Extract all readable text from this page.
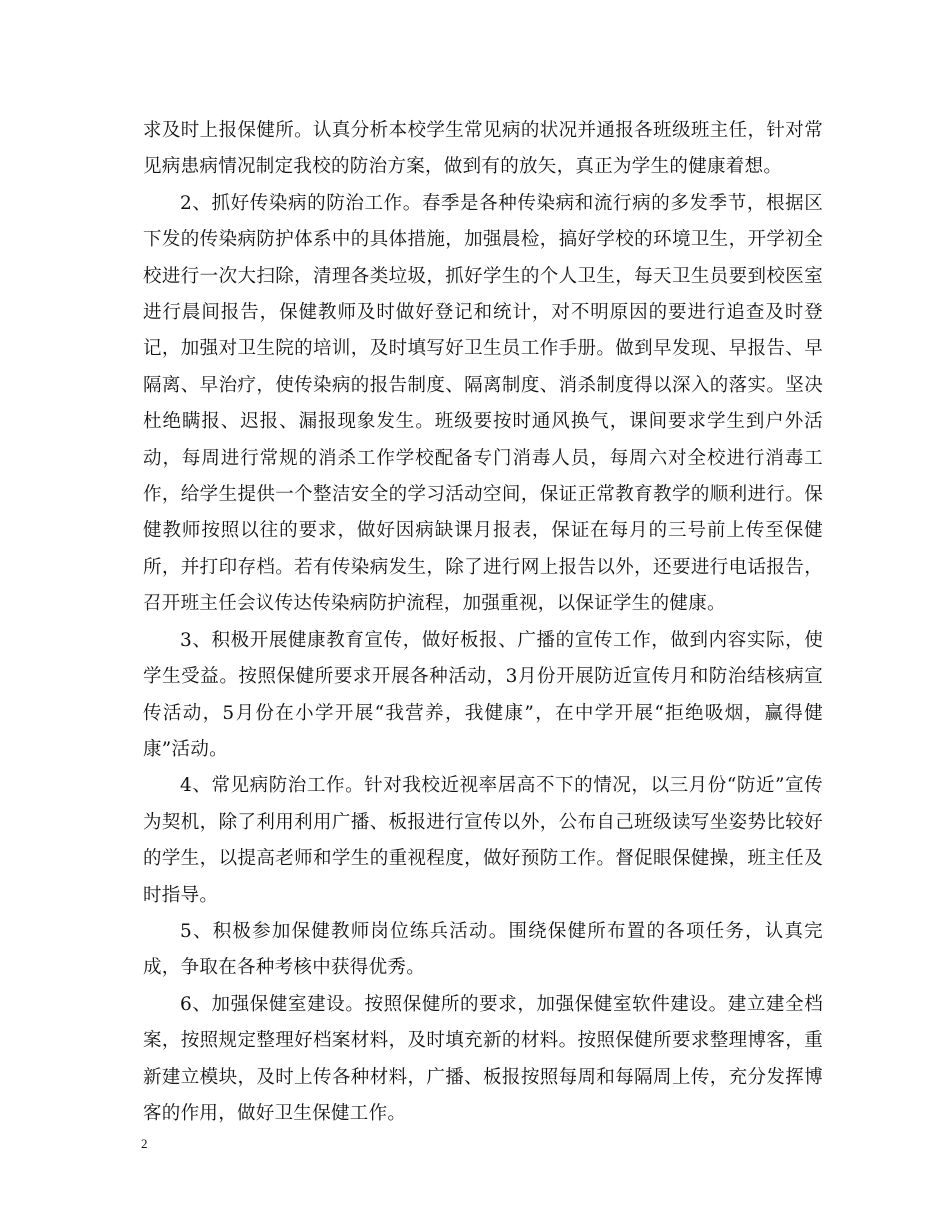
求及时上报保健所。认真分析本校学生常见病的状况并通报各班级班主任，针对常见病患病情况制定我校的防治方案，做到有的放矢，真正为学生的健康着想。

2、抓好传染病的防治工作。春季是各种传染病和流行病的多发季节，根据区下发的传染病防护体系中的具体措施，加强晨检，搞好学校的环境卫生，开学初全校进行一次大扫除，清理各类垃圾，抓好学生的个人卫生，每天卫生员要到校医室进行晨间报告，保健教师及时做好登记和统计，对不明原因的要进行追查及时登记，加强对卫生院的培训，及时填写好卫生员工作手册。做到早发现、早报告、早隔离、早治疗，使传染病的报告制度、隔离制度、消杀制度得以深入的落实。坚决杜绝瞒报、迟报、漏报现象发生。班级要按时通风换气，课间要求学生到户外活动，每周进行常规的消杀工作学校配备专门消毒人员，每周六对全校进行消毒工作，给学生提供一个整洁安全的学习活动空间，保证正常教育教学的顺利进行。保健教师按照以往的要求，做好因病缺课月报表，保证在每月的三号前上传至保健所，并打印存档。若有传染病发生，除了进行网上报告以外，还要进行电话报告，召开班主任会议传达传染病防护流程，加强重视，以保证学生的健康。

3、积极开展健康教育宣传，做好板报、广播的宣传工作，做到内容实际，使学生受益。按照保健所要求开展各种活动，3月份开展防近宣传月和防治结核病宣传活动，5月份在小学开展“我营养，我健康”，在中学开展“拒绝吸烟，赢得健康”活动。

4、常见病防治工作。针对我校近视率居高不下的情况，以三月份“防近”宣传为契机，除了利用利用广播、板报进行宣传以外，公布自己班级读写坐姿势比较好的学生，以提高老师和学生的重视程度，做好预防工作。督促眼保健操，班主任及时指导。

5、积极参加保健教师岗位练兵活动。围绕保健所布置的各项任务，认真完成，争取在各种考核中获得优秀。

6、加强保健室建设。按照保健所的要求，加强保健室软件建设。建立建全档案，按照规定整理好档案材料，及时填充新的材料。按照保健所要求整理博客，重新建立模块，及时上传各种材料，广播、板报按照每周和每隔周上传，充分发挥博客的作用，做好卫生保健工作。

2
